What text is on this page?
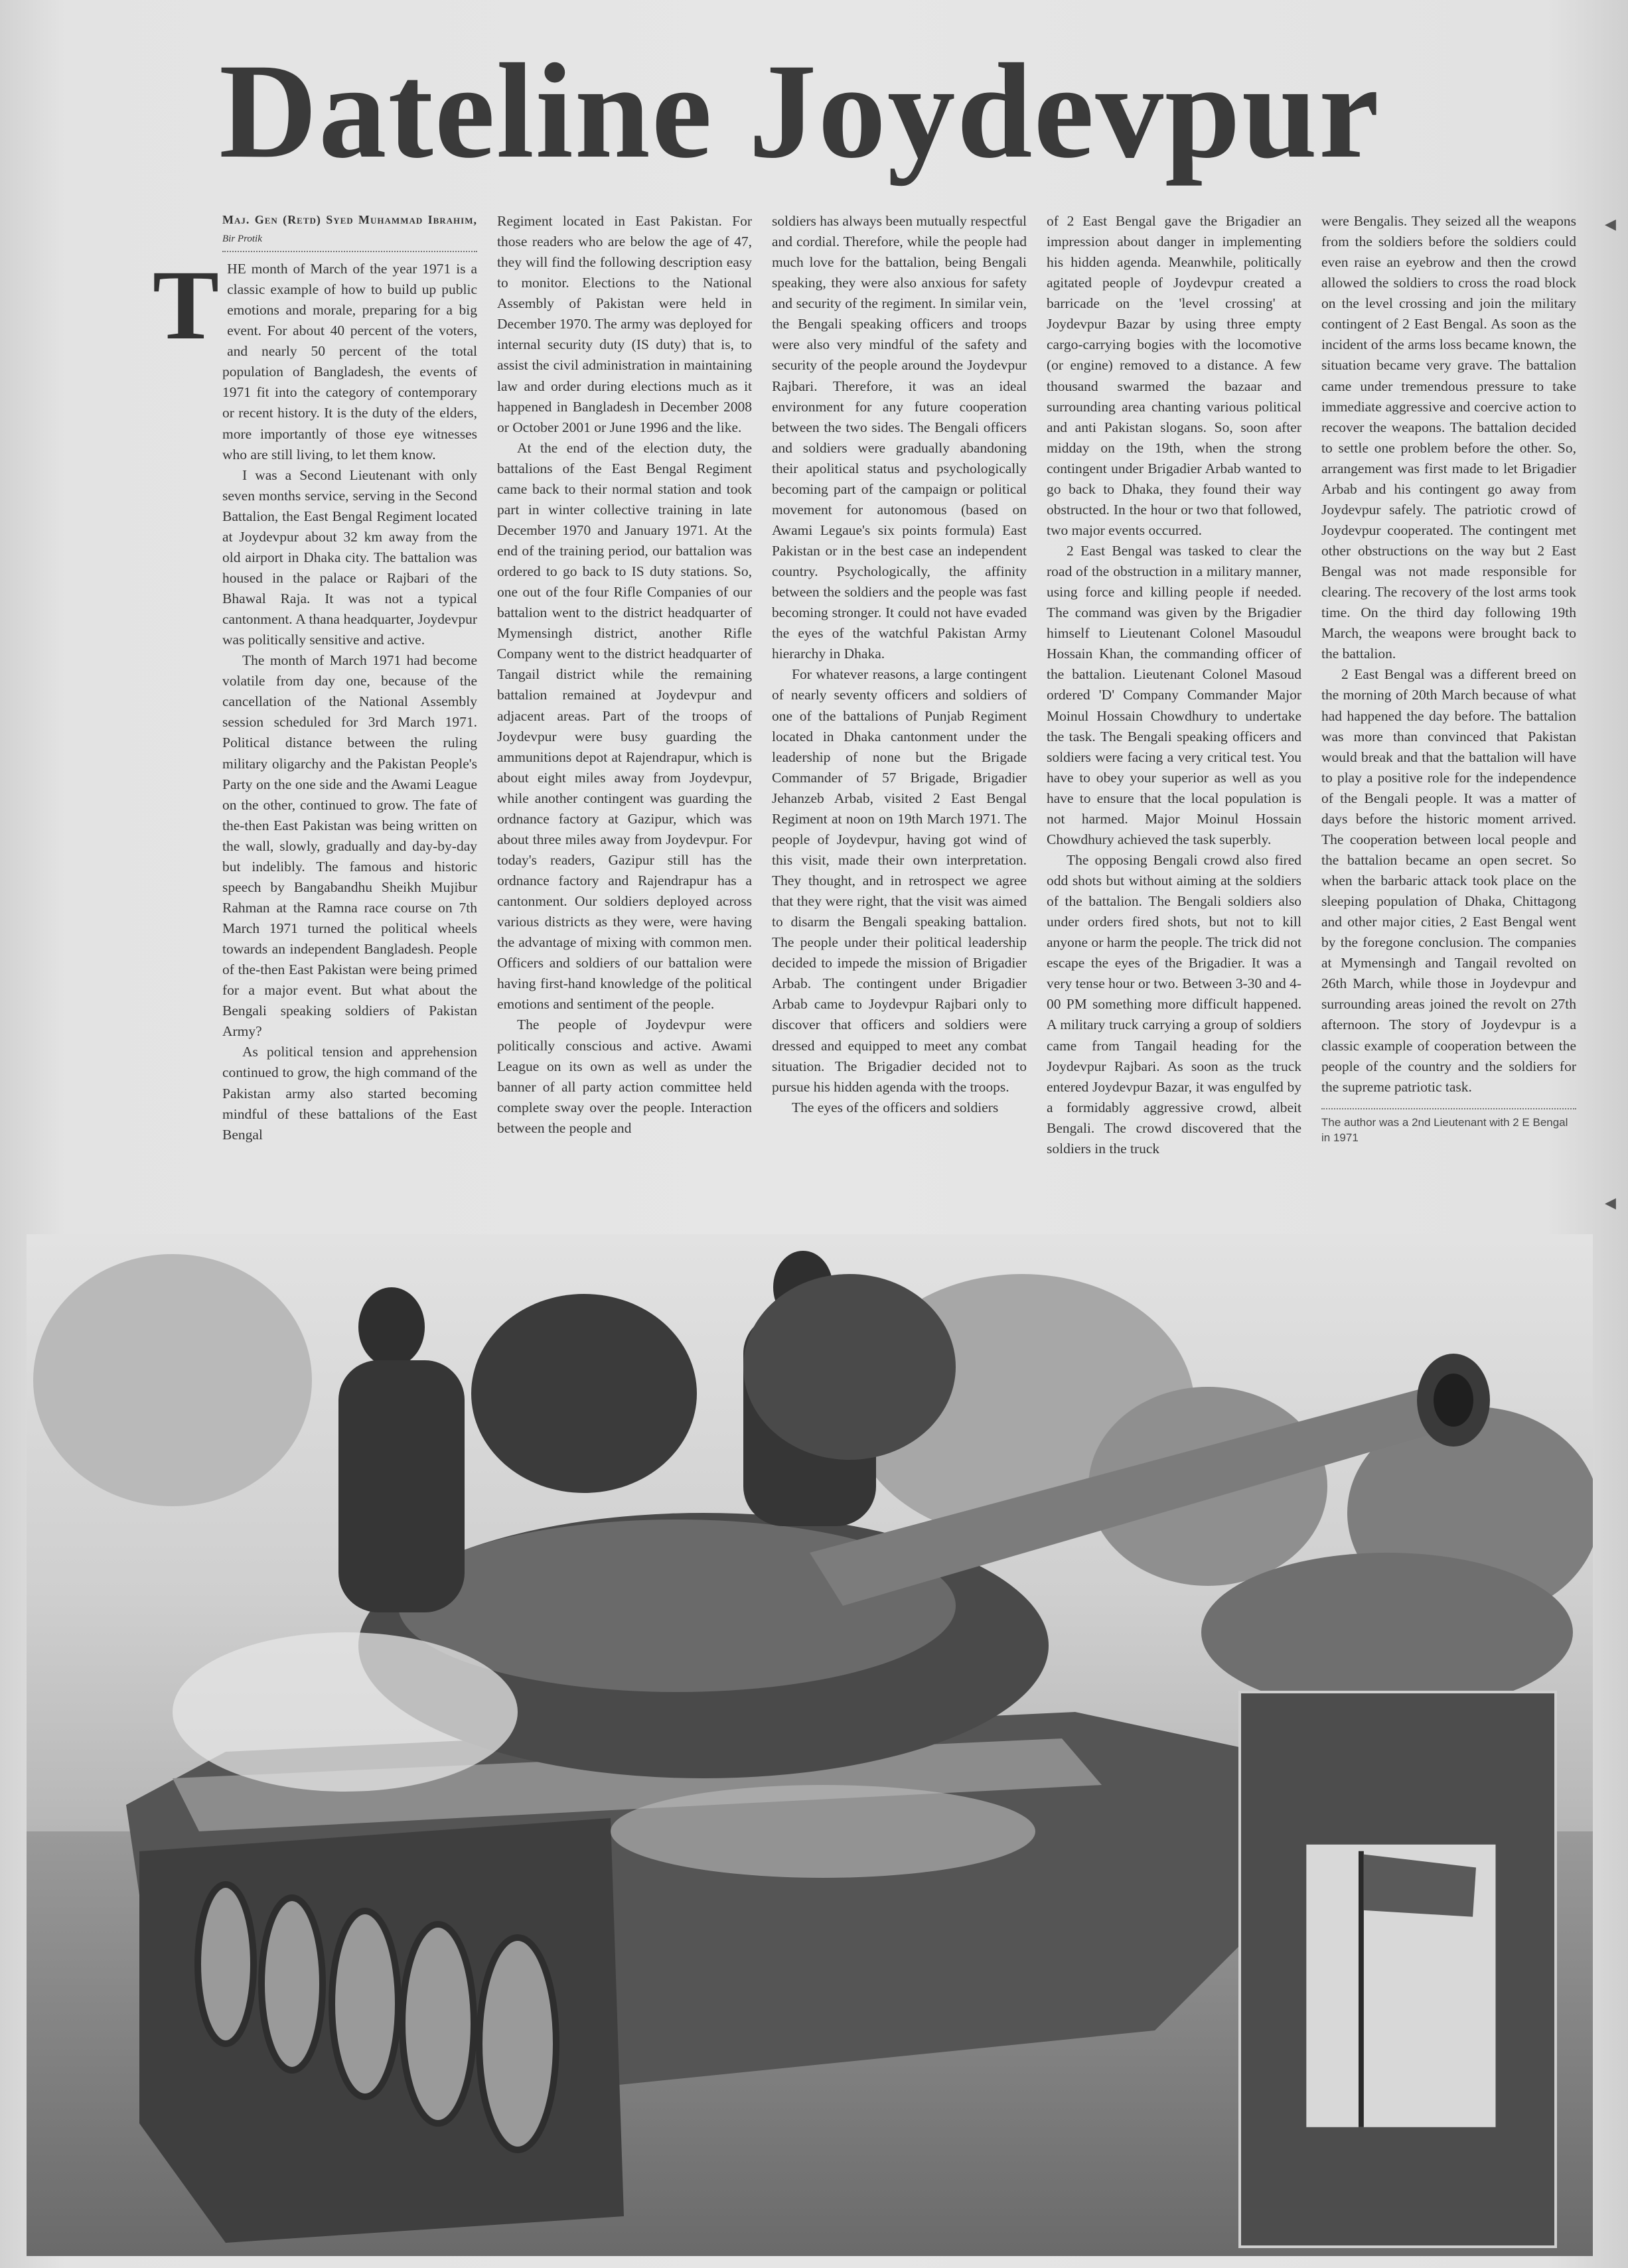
Dateline Joydevpur
Maj. Gen (Retd) Syed Muhammad Ibrahim, Bir Protik

THE month of March of the year 1971 is a classic example of how to build up public emotions and morale, preparing for a big event. For about 40 percent of the voters, and nearly 50 percent of the total population of Bangladesh, the events of 1971 fit into the category of contemporary or recent history. It is the duty of the elders, more importantly of those eye witnesses who are still living, to let them know.

I was a Second Lieutenant with only seven months service, serving in the Second Battalion, the East Bengal Regiment located at Joydevpur about 32 km away from the old airport in Dhaka city. The battalion was housed in the palace or Rajbari of the Bhawal Raja. It was not a typical cantonment. A thana headquarter, Joydevpur was politically sensitive and active.

The month of March 1971 had become volatile from day one, because of the cancellation of the National Assembly session scheduled for 3rd March 1971. Political distance between the ruling military oligarchy and the Pakistan People's Party on the one side and the Awami League on the other, continued to grow. The fate of the-then East Pakistan was being written on the wall, slowly, gradually and day-by-day but indelibly. The famous and historic speech by Bangabandhu Sheikh Mujibur Rahman at the Ramna race course on 7th March 1971 turned the political wheels towards an independent Bangladesh. People of the-then East Pakistan were being primed for a major event. But what about the Bengali speaking soldiers of Pakistan Army?

As political tension and apprehension continued to grow, the high command of the Pakistan army also started becoming mindful of these battalions of the East Bengal

Regiment located in East Pakistan. For those readers who are below the age of 47, they will find the following description easy to monitor. Elections to the National Assembly of Pakistan were held in December 1970. The army was deployed for internal security duty (IS duty) that is, to assist the civil administration in maintaining law and order during elections much as it happened in Bangladesh in December 2008 or October 2001 or June 1996 and the like.

At the end of the election duty, the battalions of the East Bengal Regiment came back to their normal station and took part in winter collective training in late December 1970 and January 1971. At the end of the training period, our battalion was ordered to go back to IS duty stations. So, one out of the four Rifle Companies of our battalion went to the district headquarter of Mymensingh district, another Rifle Company went to the district headquarter of Tangail district while the remaining battalion remained at Joydevpur and adjacent areas. Part of the troops of Joydevpur were busy guarding the ammunitions depot at Rajendrapur, which is about eight miles away from Joydevpur, while another contingent was guarding the ordnance factory at Gazipur, which was about three miles away from Joydevpur. For today's readers, Gazipur still has the ordnance factory and Rajendrapur has a cantonment. Our soldiers deployed across various districts as they were, were having the advantage of mixing with common men. Officers and soldiers of our battalion were having first-hand knowledge of the political emotions and sentiment of the people.

The people of Joydevpur were politically conscious and active. Awami League on its own as well as under the banner of all party action committee held complete sway over the people. Interaction between the people and

soldiers has always been mutually respectful and cordial. Therefore, while the people had much love for the battalion, being Bengali speaking, they were also anxious for safety and security of the regiment. In similar vein, the Bengali speaking officers and troops were also very mindful of the safety and security of the people around the Joydevpur Rajbari. Therefore, it was an ideal environment for any future cooperation between the two sides. The Bengali officers and soldiers were gradually abandoning their apolitical status and psychologically becoming part of the campaign or political movement for autonomous (based on Awami Legaue's six points formula) East Pakistan or in the best case an independent country. Psychologically, the affinity between the soldiers and the people was fast becoming stronger. It could not have evaded the eyes of the watchful Pakistan Army hierarchy in Dhaka.

For whatever reasons, a large contingent of nearly seventy officers and soldiers of one of the battalions of Punjab Regiment located in Dhaka cantonment under the leadership of none but the Brigade Commander of 57 Brigade, Brigadier Jehanzeb Arbab, visited 2 East Bengal Regiment at noon on 19th March 1971. The people of Joydevpur, having got wind of this visit, made their own interpretation. They thought, and in retrospect we agree that they were right, that the visit was aimed to disarm the Bengali speaking battalion. The people under their political leadership decided to impede the mission of Brigadier Arbab. The contingent under Brigadier Arbab came to Joydevpur Rajbari only to discover that officers and soldiers were dressed and equipped to meet any combat situation. The Brigadier decided not to pursue his hidden agenda with the troops.

The eyes of the officers and soldiers

of 2 East Bengal gave the Brigadier an impression about danger in implementing his hidden agenda. Meanwhile, politically agitated people of Joydevpur created a barricade on the 'level crossing' at Joydevpur Bazar by using three empty cargo-carrying bogies with the locomotive (or engine) removed to a distance. A few thousand swarmed the bazaar and surrounding area chanting various political and anti Pakistan slogans. So, soon after midday on the 19th, when the strong contingent under Brigadier Arbab wanted to go back to Dhaka, they found their way obstructed. In the hour or two that followed, two major events occurred.

2 East Bengal was tasked to clear the road of the obstruction in a military manner, using force and killing people if needed. The command was given by the Brigadier himself to Lieutenant Colonel Masoudul Hossain Khan, the commanding officer of the battalion. Lieutenant Colonel Masoud ordered 'D' Company Commander Major Moinul Hossain Chowdhury to undertake the task. The Bengali speaking officers and soldiers were facing a very critical test. You have to obey your superior as well as you have to ensure that the local population is not harmed. Major Moinul Hossain Chowdhury achieved the task superbly.

The opposing Bengali crowd also fired odd shots but without aiming at the soldiers of the battalion. The Bengali soldiers also under orders fired shots, but not to kill anyone or harm the people. The trick did not escape the eyes of the Brigadier. It was a very tense hour or two. Between 3-30 and 4-00 PM something more difficult happened. A military truck carrying a group of soldiers came from Tangail heading for the Joydevpur Rajbari. As soon as the truck entered Joydevpur Bazar, it was engulfed by a formidably aggressive crowd, albeit Bengali. The crowd discovered that the soldiers in the truck

were Bengalis. They seized all the weapons from the soldiers before the soldiers could even raise an eyebrow and then the crowd allowed the soldiers to cross the road block on the level crossing and join the military contingent of 2 East Bengal. As soon as the incident of the arms loss became known, the situation became very grave. The battalion came under tremendous pressure to take immediate aggressive and coercive action to recover the weapons. The battalion decided to settle one problem before the other. So, arrangement was first made to let Brigadier Arbab and his contingent go away from Joydevpur safely. The patriotic crowd of Joydevpur cooperated. The contingent met other obstructions on the way but 2 East Bengal was not made responsible for clearing. The recovery of the lost arms took time. On the third day following 19th March, the weapons were brought back to the battalion.

2 East Bengal was a different breed on the morning of 20th March because of what had happened the day before. The battalion was more than convinced that Pakistan would break and that the battalion will have to play a positive role for the independence of the Bengali people. It was a matter of days before the historic moment arrived. The cooperation between local people and the battalion became an open secret. So when the barbaric attack took place on the sleeping population of Dhaka, Chittagong and other major cities, 2 East Bengal went by the foregone conclusion. The companies at Mymensingh and Tangail revolted on 26th March, while those in Joydevpur and surrounding areas joined the revolt on 27th afternoon. The story of Joydevpur is a classic example of cooperation between the people of the country and the soldiers for the supreme patriotic task.

The author was a 2nd Lieutenant with 2 E Bengal in 1971
◀
◀
